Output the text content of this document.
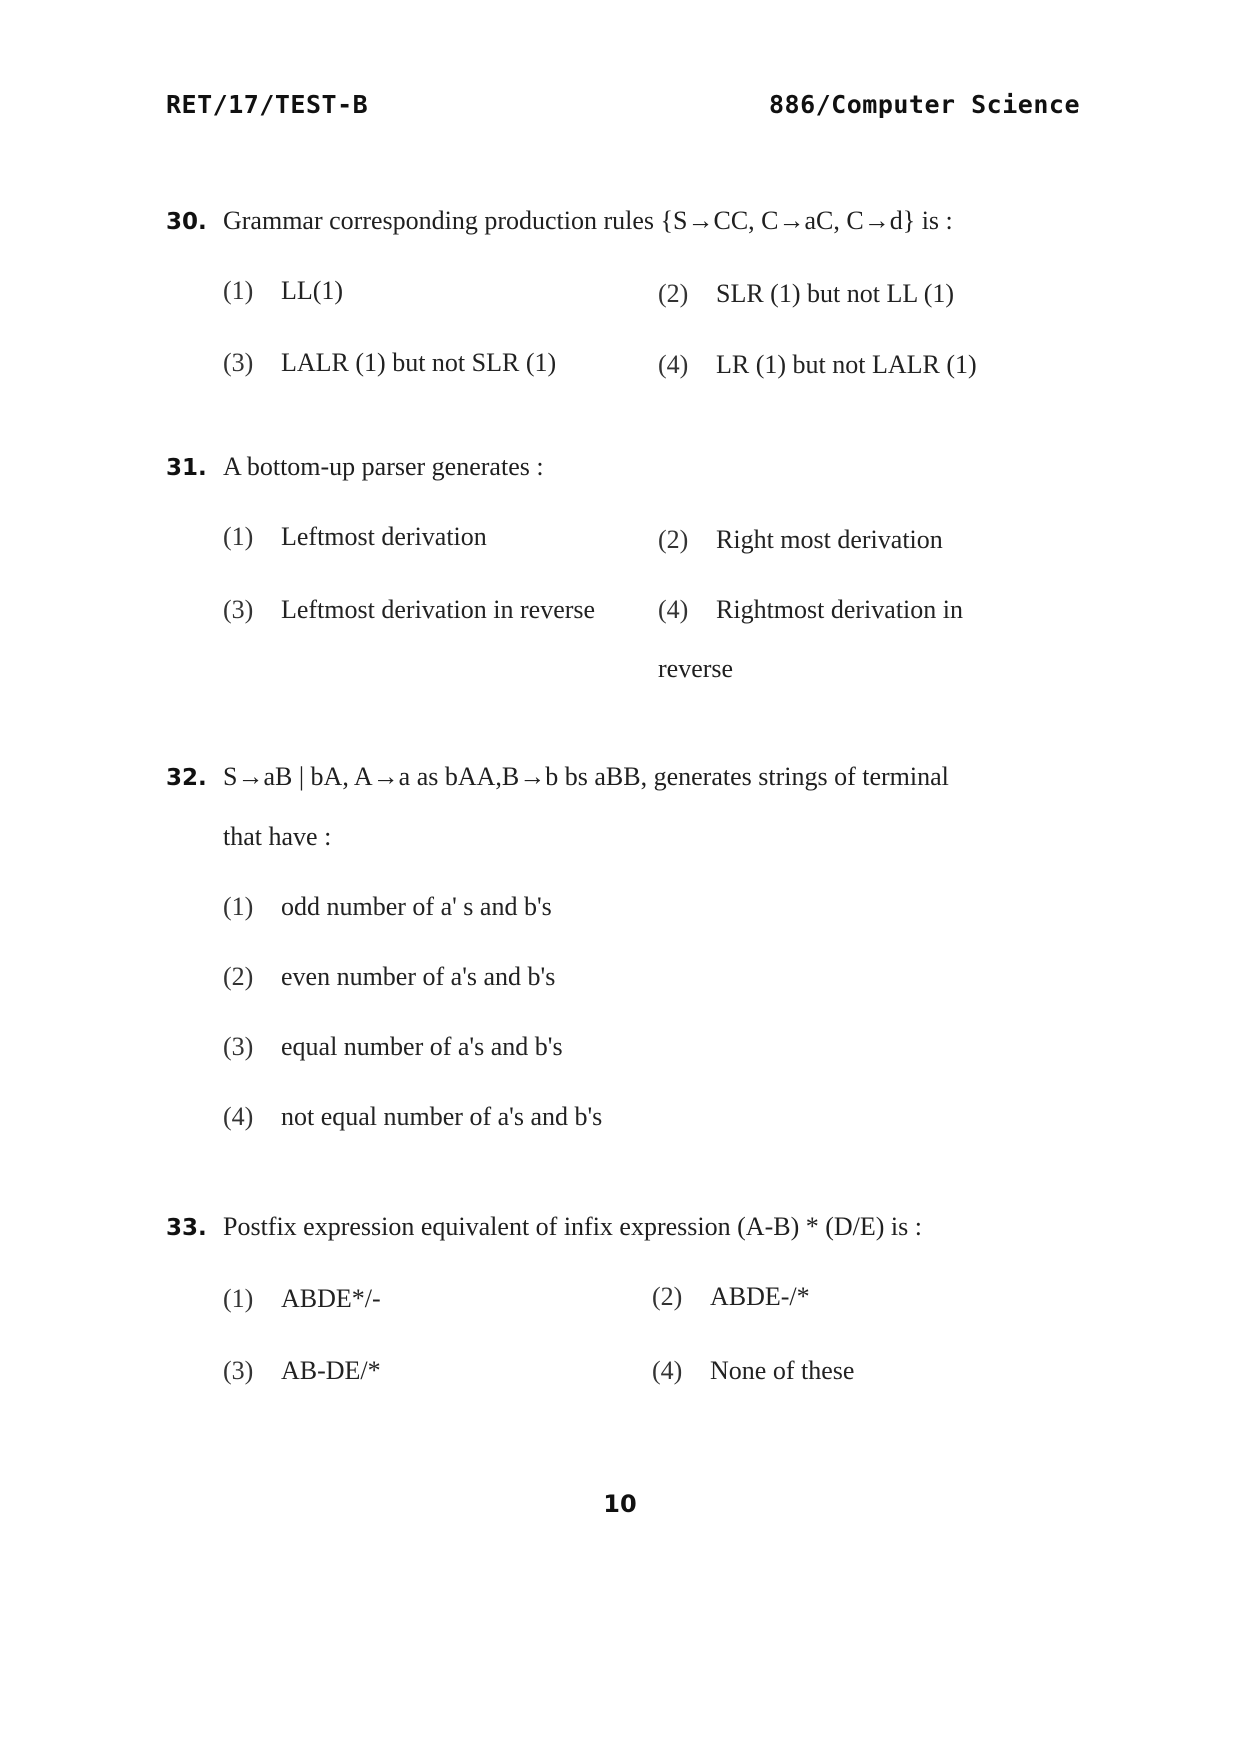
RET/17/TEST-B	886/Computer Science
30. Grammar corresponding production rules {S→CC, C→aC, C→d} is :
(1) LL(1)	(2) SLR (1) but not LL (1)
(3) LALR (1) but not SLR (1)	(4) LR (1) but not LALR (1)
31. A bottom-up parser generates :
(1) Leftmost derivation	(2) Right most derivation
(3) Leftmost derivation in reverse (4) Rightmost derivation in
reverse
32. S→aB | bA, A→a as bAA,B→b bs aBB, generates strings of terminal
that have :
(1) odd number of a' s and b's
(2) even number of a's and b's
(3) equal number of a's and b's
(4) not equal number of a's and b's
33. Postfix expression equivalent of infix expression (A-B) * (D/E) is :
(1) ABDE*/-	(2) ABDE-/*
(3) AB-DE/*	(4) None of these
10
